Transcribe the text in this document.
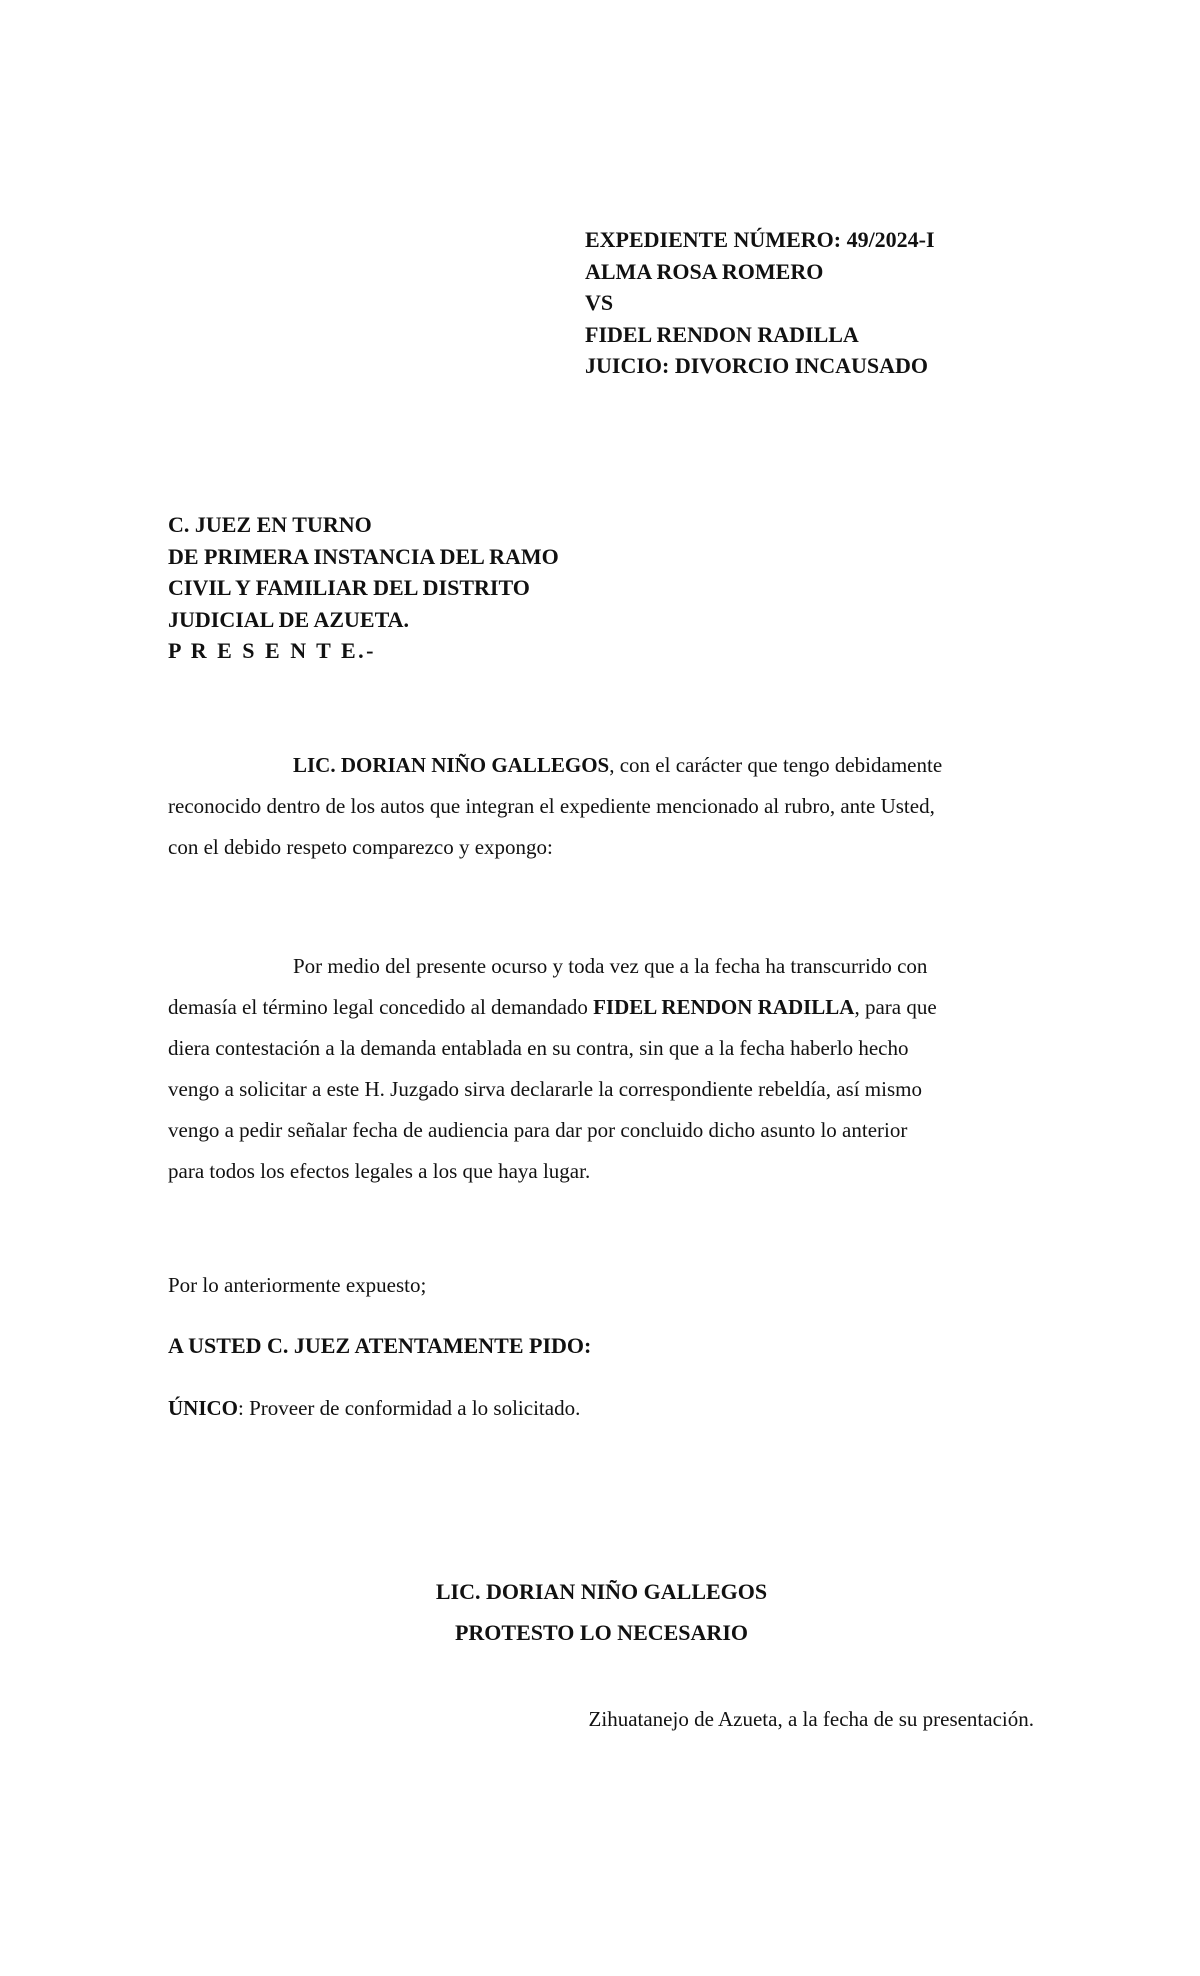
EXPEDIENTE NÚMERO: 49/2024-I
ALMA ROSA ROMERO
VS
FIDEL RENDON RADILLA
JUICIO: DIVORCIO INCAUSADO
C. JUEZ EN TURNO
DE PRIMERA INSTANCIA DEL RAMO
CIVIL Y FAMILIAR DEL DISTRITO
JUDICIAL DE AZUETA.
P R E S E N T E.-
LIC. DORIAN NIÑO GALLEGOS, con el carácter que tengo debidamente
reconocido dentro de los autos que integran el expediente mencionado al rubro, ante Usted,
con el debido respeto comparezco y expongo:
Por medio del presente ocurso y toda vez que a la fecha ha transcurrido con
demasía el término legal concedido al demandado FIDEL RENDON RADILLA, para que
diera contestación a la demanda entablada en su contra, sin que a la fecha haberlo hecho
vengo a solicitar a este H. Juzgado sirva declararle la correspondiente rebeldía, así mismo
vengo a pedir señalar fecha de audiencia para dar por concluido dicho asunto lo anterior
para todos los efectos legales a los que haya lugar.
Por lo anteriormente expuesto;
A USTED C. JUEZ ATENTAMENTE PIDO:
ÚNICO: Proveer de conformidad a lo solicitado.
LIC. DORIAN NIÑO GALLEGOS
PROTESTO LO NECESARIO
Zihuatanejo de Azueta, a la fecha de su presentación.
